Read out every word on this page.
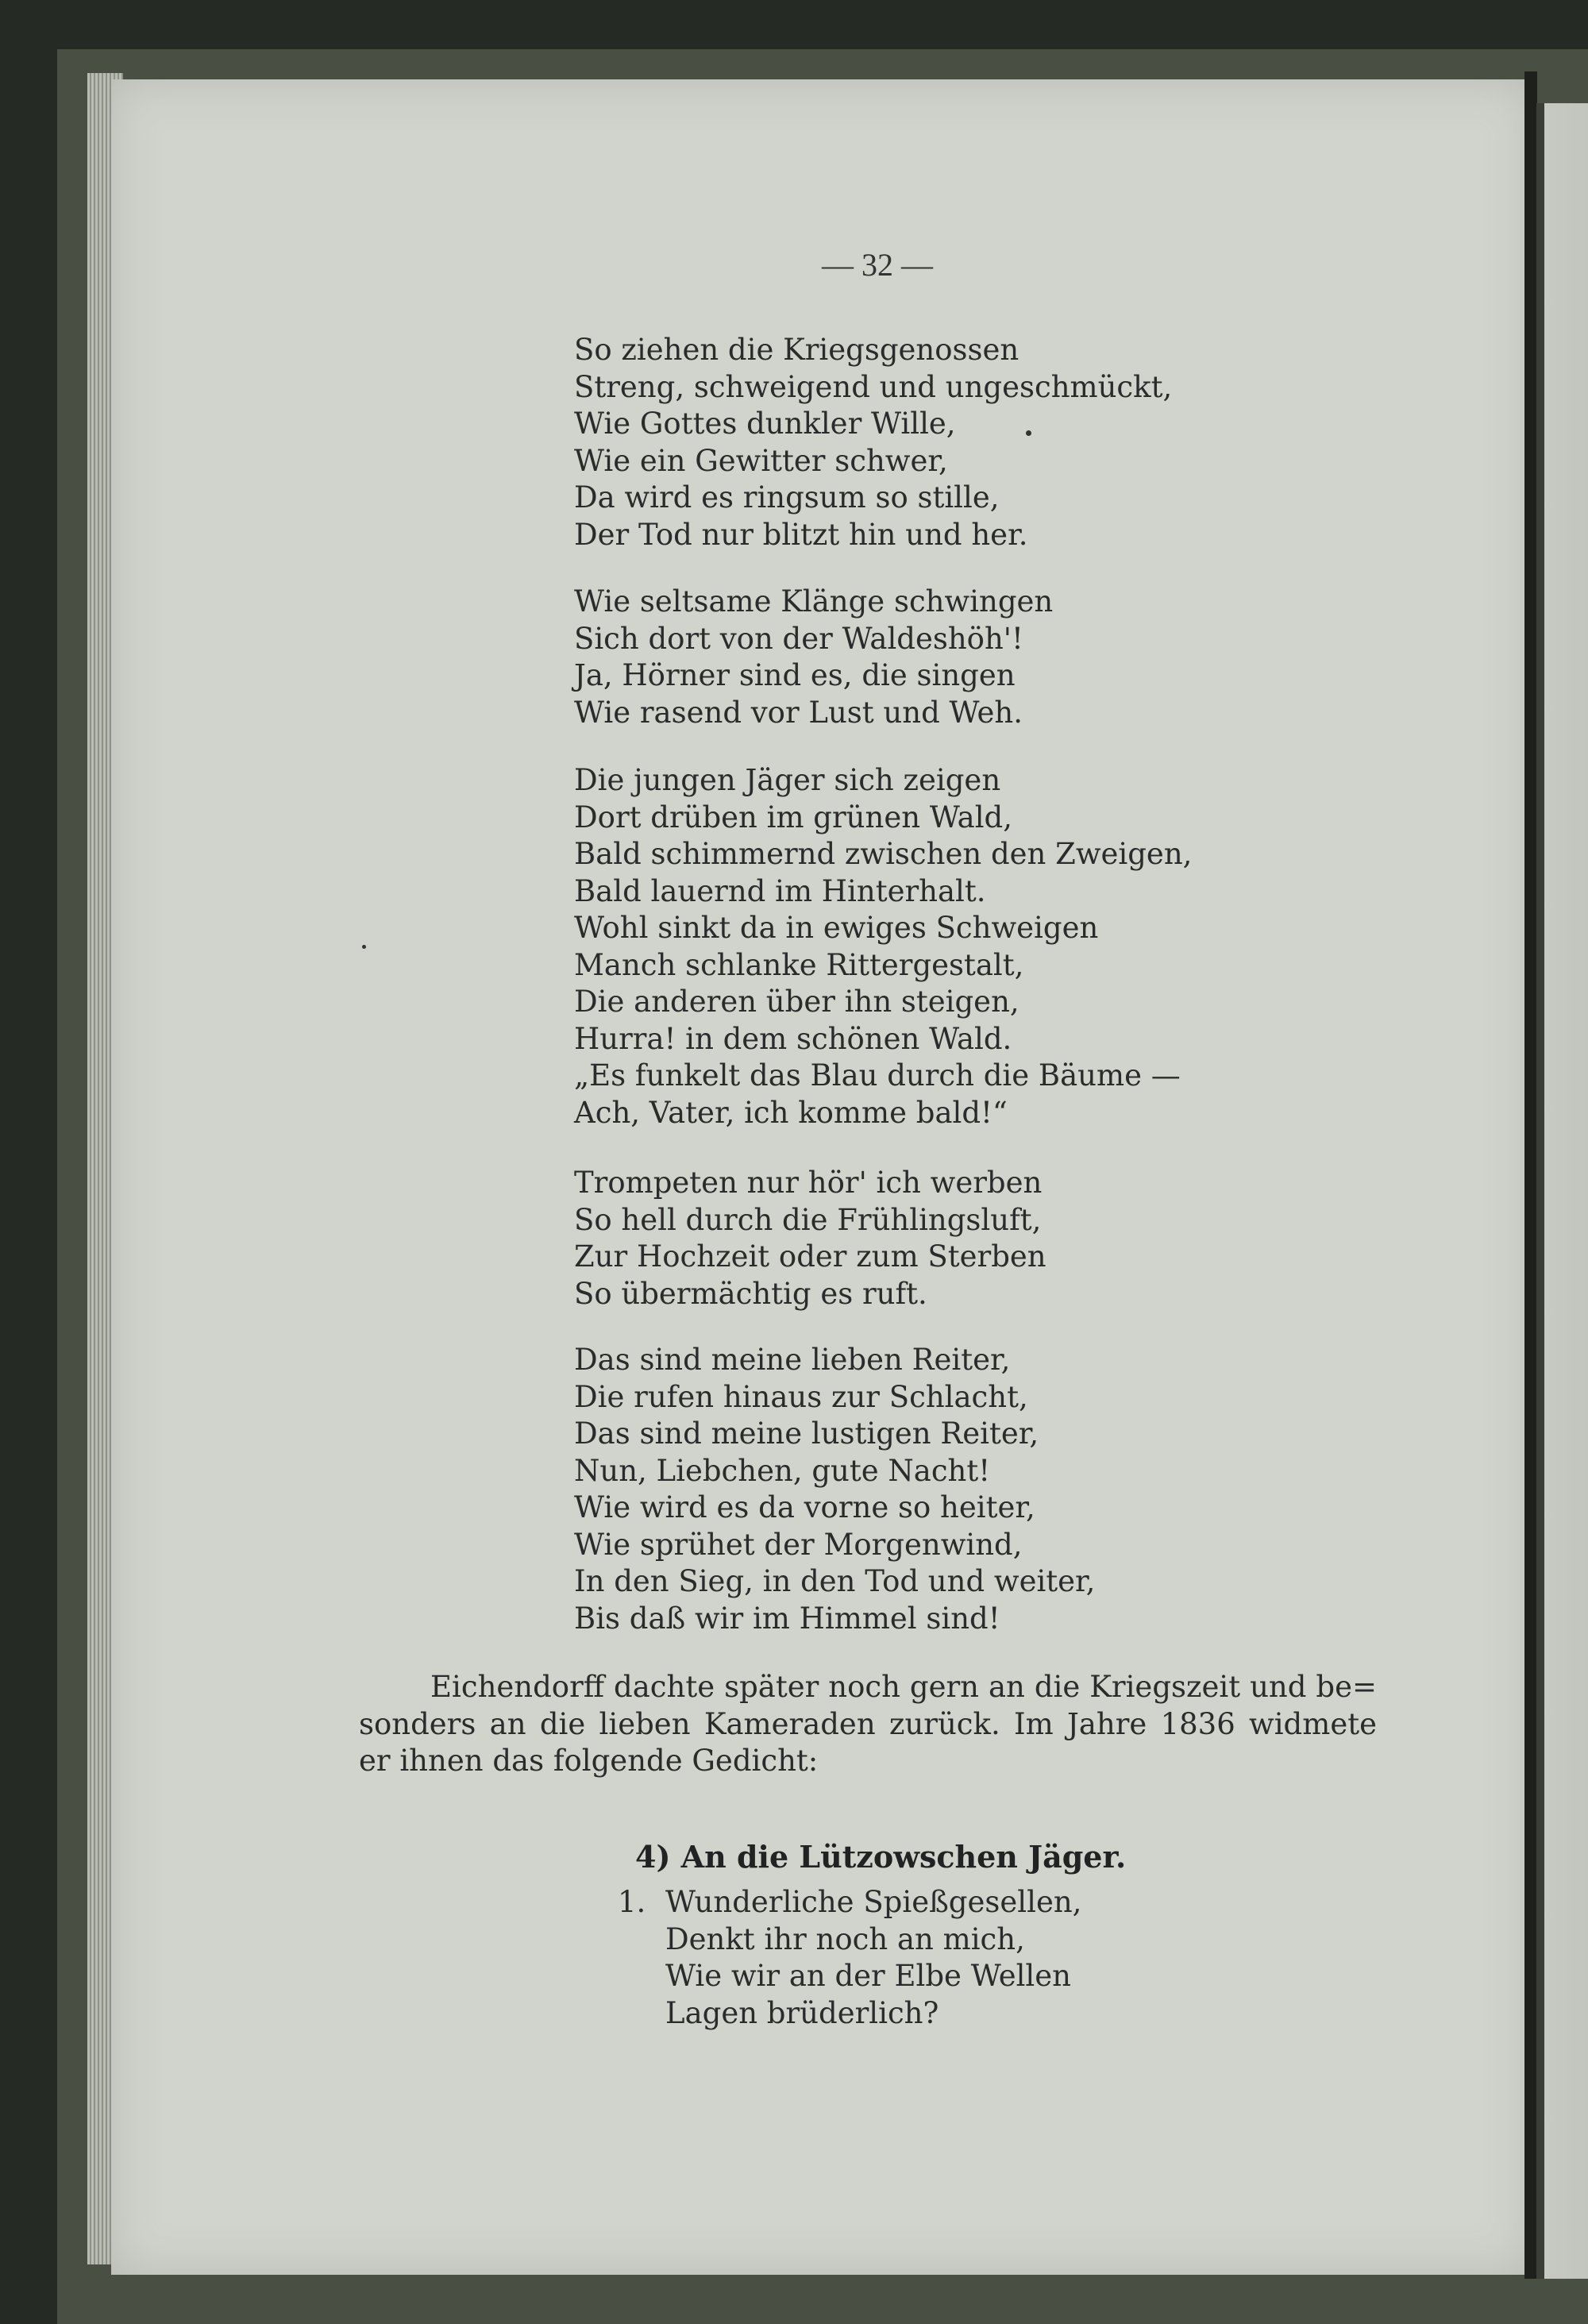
— 32 —
So ziehen die Kriegsgenossen
Streng, schweigend und ungeschmückt,
Wie Gottes dunkler Wille,
Wie ein Gewitter schwer,
Da wird es ringsum so stille,
Der Tod nur blitzt hin und her.
Wie seltsame Klänge schwingen
Sich dort von der Waldeshöh'!
Ja, Hörner sind es, die singen
Wie rasend vor Lust und Weh.
Die jungen Jäger sich zeigen
Dort drüben im grünen Wald,
Bald schimmernd zwischen den Zweigen,
Bald lauernd im Hinterhalt.
Wohl sinkt da in ewiges Schweigen
Manch schlanke Rittergestalt,
Die anderen über ihn steigen,
Hurra! in dem schönen Wald.
„Es funkelt das Blau durch die Bäume —
Ach, Vater, ich komme bald!“
Trompeten nur hör' ich werben
So hell durch die Frühlingsluft,
Zur Hochzeit oder zum Sterben
So übermächtig es ruft.
Das sind meine lieben Reiter,
Die rufen hinaus zur Schlacht,
Das sind meine lustigen Reiter,
Nun, Liebchen, gute Nacht!
Wie wird es da vorne so heiter,
Wie sprühet der Morgenwind,
In den Sieg, in den Tod und weiter,
Bis daß wir im Himmel sind!
Eichendorff dachte später noch gern an die Kriegszeit und be=
sonders an die lieben Kameraden zurück. Im Jahre 1836 widmete
er ihnen das folgende Gedicht:
4) An die Lützowschen Jäger.
1. Wunderliche Spießgesellen,
Denkt ihr noch an mich,
Wie wir an der Elbe Wellen
Lagen brüderlich?
